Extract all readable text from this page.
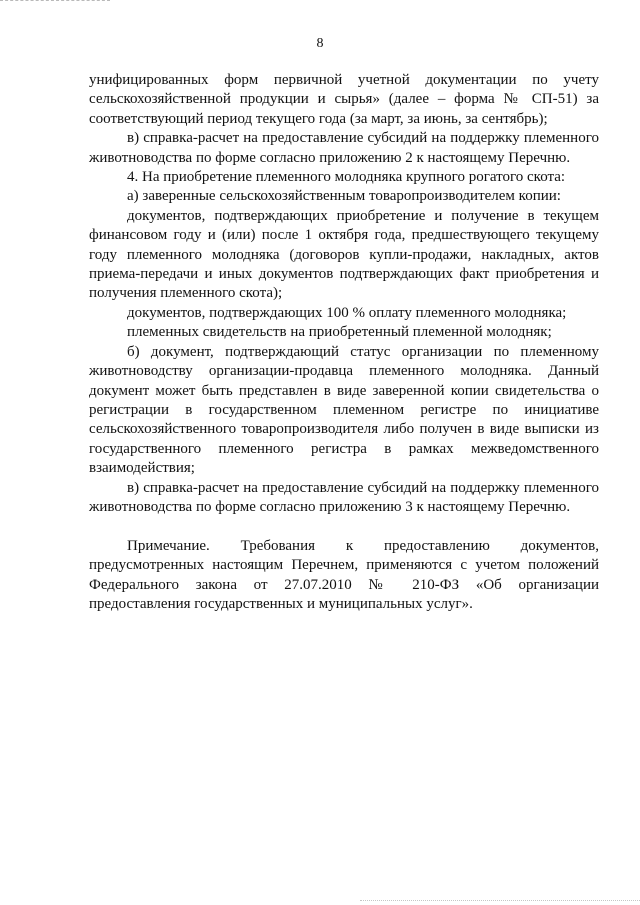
8

унифицированных форм первичной учетной документации по учету сельскохозяйственной продукции и сырья» (далее – форма № СП-51) за соответствующий период текущего года (за март, за июнь, за сентябрь);

в) справка-расчет на предоставление субсидий на поддержку племенного животноводства по форме согласно приложению 2 к настоящему Перечню.

4. На приобретение племенного молодняка крупного рогатого скота:

а) заверенные сельскохозяйственным товаропроизводителем копии:

документов, подтверждающих приобретение и получение в текущем финансовом году и (или) после 1 октября года, предшествующего текущему году племенного молодняка (договоров купли-продажи, накладных, актов приема-передачи и иных документов подтверждающих факт приобретения и получения племенного скота);

документов, подтверждающих 100 % оплату племенного молодняка;

племенных свидетельств на приобретенный племенной молодняк;

б) документ, подтверждающий статус организации по племенному животноводству организации-продавца племенного молодняка. Данный документ может быть представлен в виде заверенной копии свидетельства о регистрации в государственном племенном регистре по инициативе сельскохозяйственного товаропроизводителя либо получен в виде выписки из государственного племенного регистра в рамках межведомственного взаимодействия;

в) справка-расчет на предоставление субсидий на поддержку племенного животноводства по форме согласно приложению 3 к настоящему Перечню.

Примечание. Требования к предоставлению документов, предусмотренных настоящим Перечнем, применяются с учетом положений Федерального закона от 27.07.2010 № 210-ФЗ «Об организации предоставления государственных и муниципальных услуг».
